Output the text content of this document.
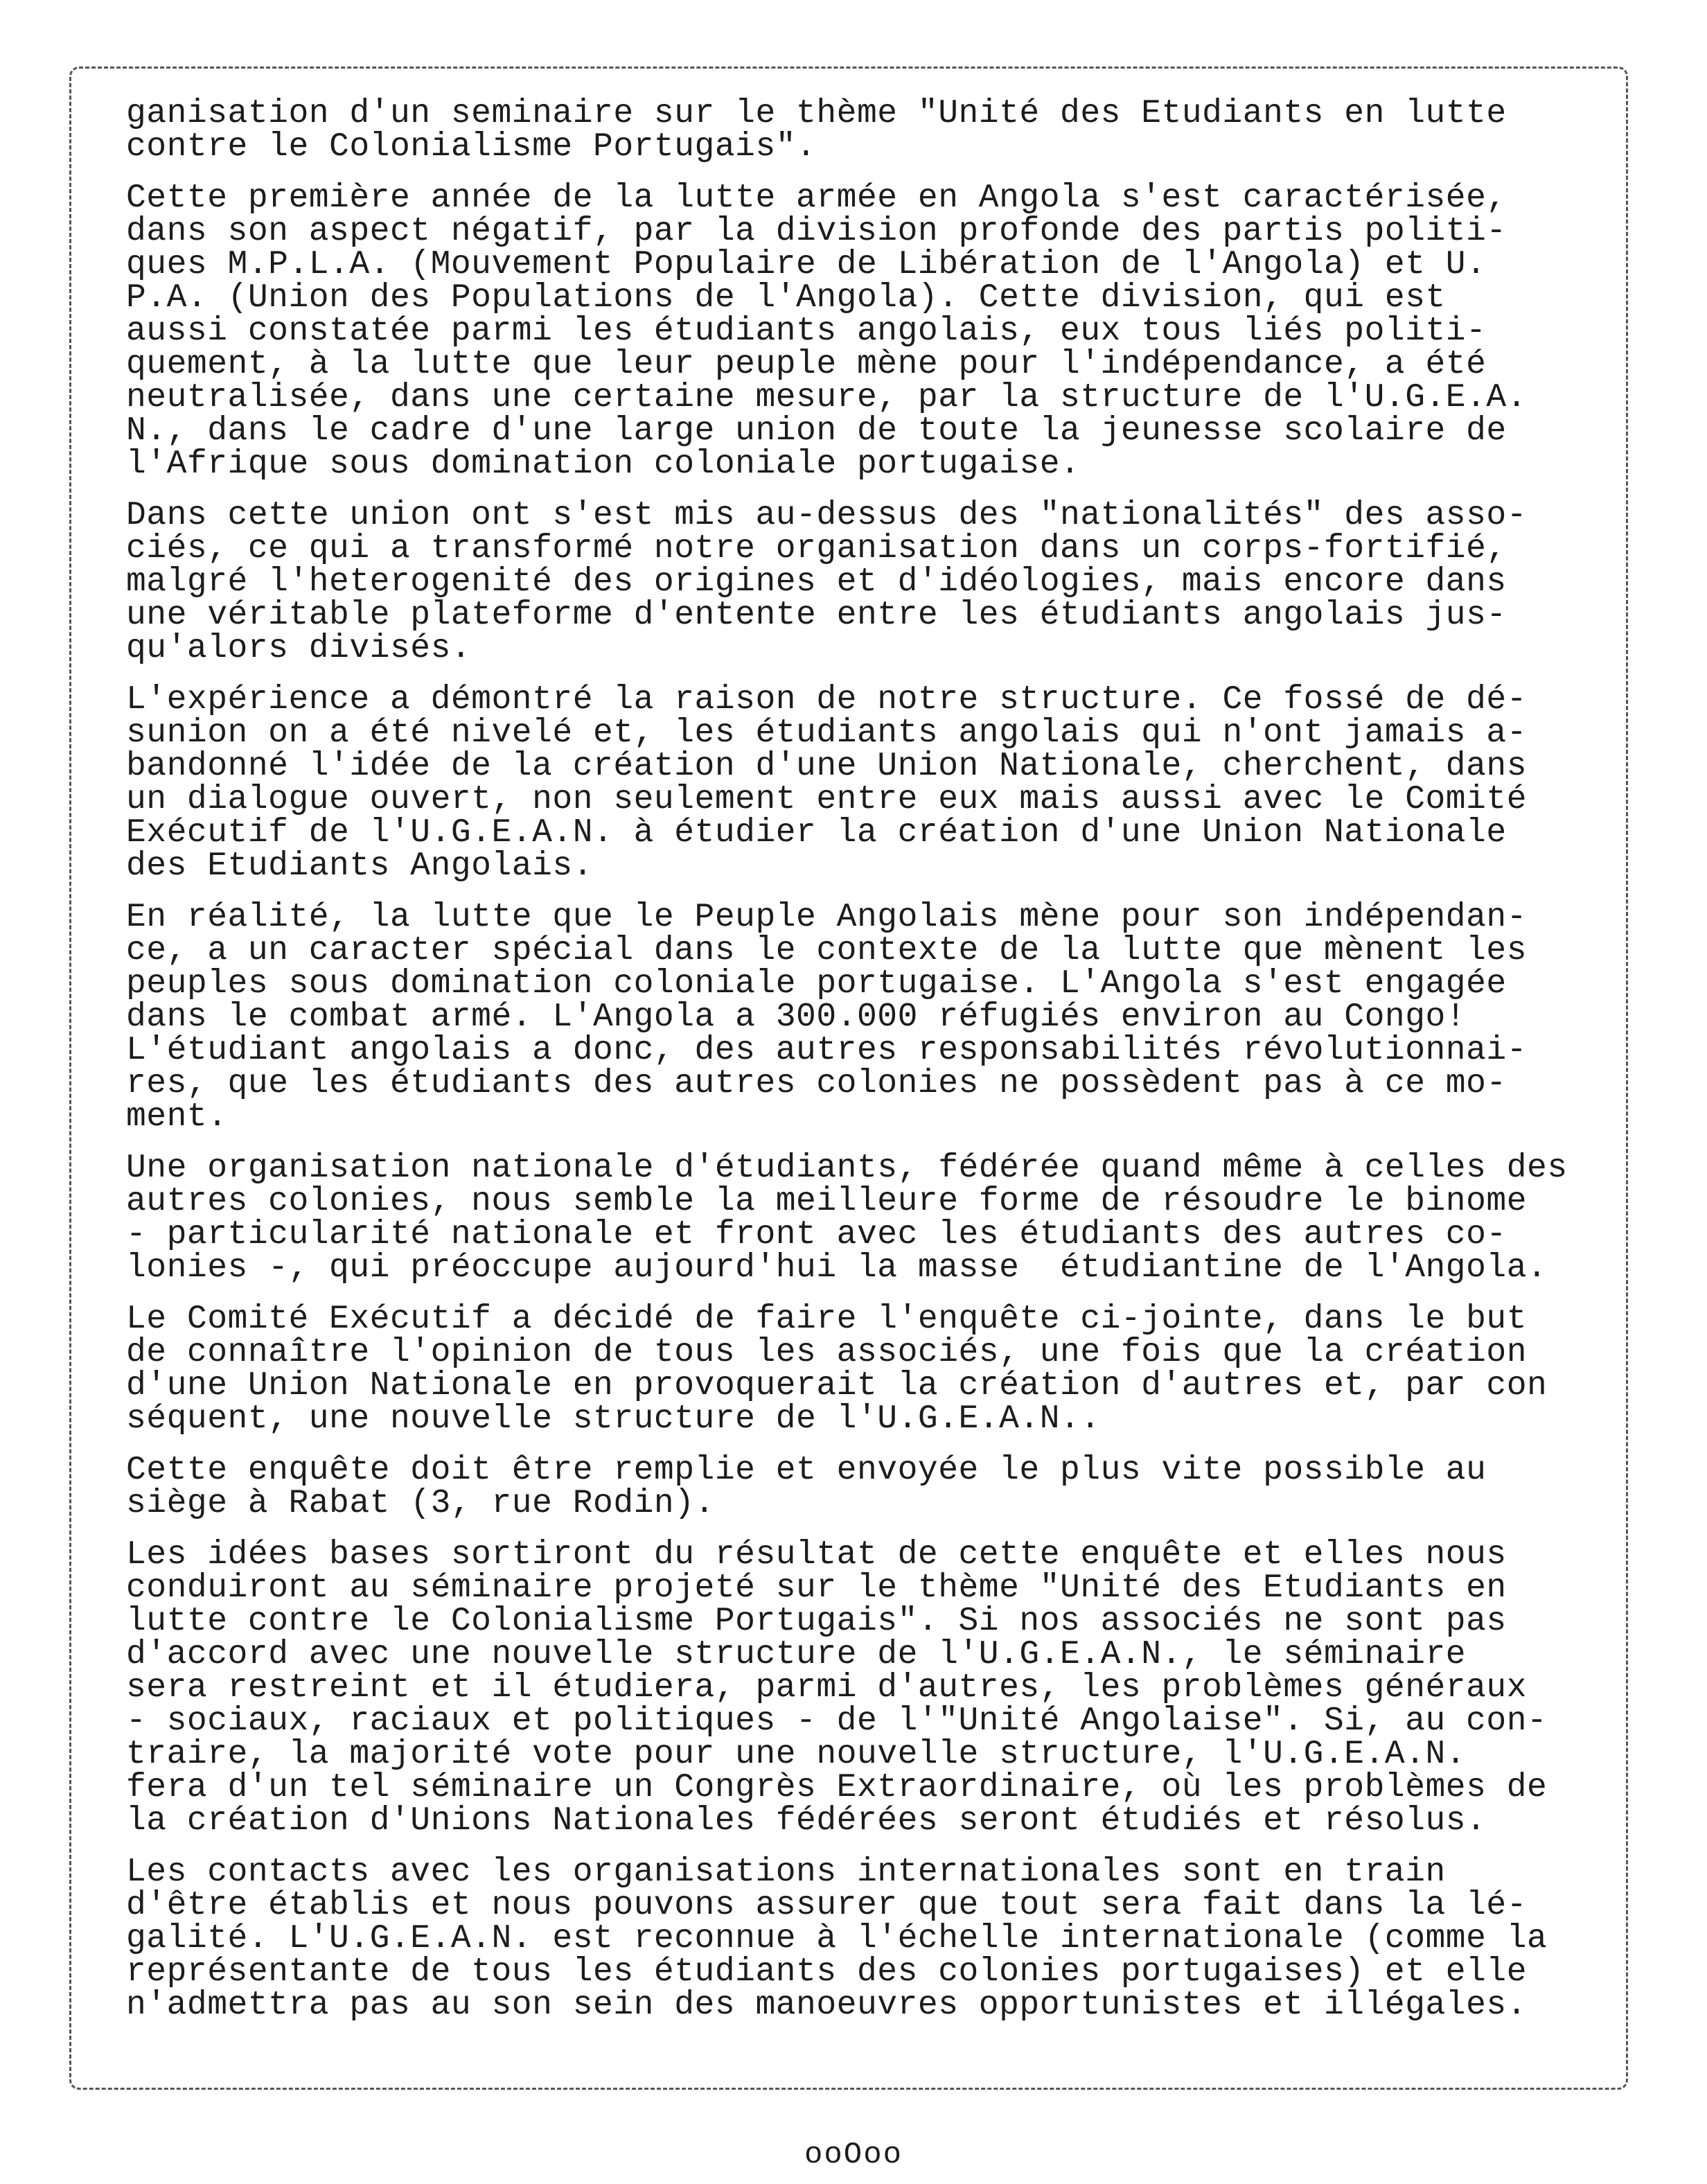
ganisation d'un seminaire sur le thème "Unité des Etudiants en lutte
contre le Colonialisme Portugais".

Cette première année de la lutte armée en Angola s'est caractérisée,
dans son aspect négatif, par la division profonde des partis politi-
ques M.P.L.A. (Mouvement Populaire de Libération de l'Angola) et U.
P.A. (Union des Populations de l'Angola). Cette division, qui est
aussi constatée parmi les étudiants angolais, eux tous liés politi-
quement, à la lutte que leur peuple mène pour l'indépendance, a été
neutralisée, dans une certaine mesure, par la structure de l'U.G.E.A.
N., dans le cadre d'une large union de toute la jeunesse scolaire de
l'Afrique sous domination coloniale portugaise.

Dans cette union ont s'est mis au-dessus des "nationalités" des asso-
ciés, ce qui a transformé notre organisation dans un corps-fortifié,
malgré l'heterogenité des origines et d'idéologies, mais encore dans
une véritable plateforme d'entente entre les étudiants angolais jus-
qu'alors divisés.

L'expérience a démontré la raison de notre structure. Ce fossé de dé-
sunion on a été nivelé et, les étudiants angolais qui n'ont jamais a-
bandonné l'idée de la création d'une Union Nationale, cherchent, dans
un dialogue ouvert, non seulement entre eux mais aussi avec le Comité
Exécutif de l'U.G.E.A.N. à étudier la création d'une Union Nationale
des Etudiants Angolais.

En réalité, la lutte que le Peuple Angolais mène pour son indépendan-
ce, a un caracter spécial dans le contexte de la lutte que mènent les
peuples sous domination coloniale portugaise. L'Angola s'est engagée
dans le combat armé. L'Angola a 300.000 réfugiés environ au Congo!
L'étudiant angolais a donc, des autres responsabilités révolutionnai-
res, que les étudiants des autres colonies ne possèdent pas à ce mo-
ment.

Une organisation nationale d'étudiants, fédérée quand même à celles des
autres colonies, nous semble la meilleure forme de résoudre le binome
- particularité nationale et front avec les étudiants des autres co-
lonies -, qui préoccupe aujourd'hui la masse  étudiantine de l'Angola.

Le Comité Exécutif a décidé de faire l'enquête ci-jointe, dans le but
de connaître l'opinion de tous les associés, une fois que la création
d'une Union Nationale en provoquerait la création d'autres et, par con
séquent, une nouvelle structure de l'U.G.E.A.N..

Cette enquête doit être remplie et envoyée le plus vite possible au
siège à Rabat (3, rue Rodin).

Les idées bases sortiront du résultat de cette enquête et elles nous
conduiront au séminaire projeté sur le thème "Unité des Etudiants en
lutte contre le Colonialisme Portugais". Si nos associés ne sont pas
d'accord avec une nouvelle structure de l'U.G.E.A.N., le séminaire
sera restreint et il étudiera, parmi d'autres, les problèmes généraux
- sociaux, raciaux et politiques - de l'"Unité Angolaise". Si, au con-
traire, la majorité vote pour une nouvelle structure, l'U.G.E.A.N.
fera d'un tel séminaire un Congrès Extraordinaire, où les problèmes de
la création d'Unions Nationales fédérées seront étudiés et résolus.

Les contacts avec les organisations internationales sont en train
d'être établis et nous pouvons assurer que tout sera fait dans la lé-
galité. L'U.G.E.A.N. est reconnue à l'échelle internationale (comme la
représentante de tous les étudiants des colonies portugaises) et elle
n'admettra pas au son sein des manoeuvres opportunistes et illégales.

ooOoo
